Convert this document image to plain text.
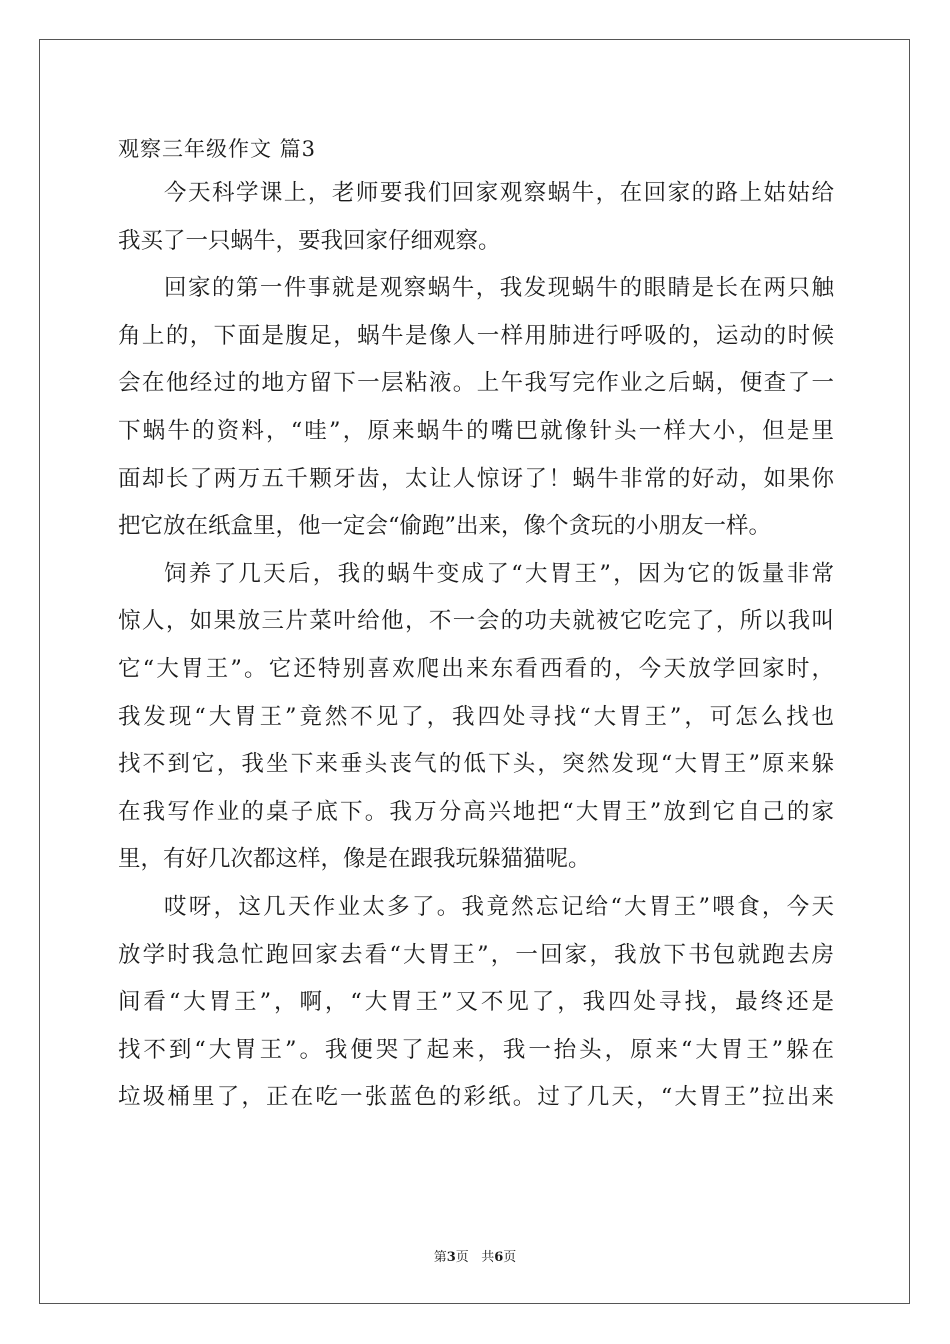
观察三年级作文 篇3
今天科学课上，老师要我们回家观察蜗牛，在回家的路上姑姑给
我买了一只蜗牛，要我回家仔细观察。
回家的第一件事就是观察蜗牛，我发现蜗牛的眼睛是长在两只触
角上的，下面是腹足，蜗牛是像人一样用肺进行呼吸的，运动的时候
会在他经过的地方留下一层粘液。上午我写完作业之后蜗，便查了一
下蜗牛的资料，“哇”，原来蜗牛的嘴巴就像针头一样大小，但是里
面却长了两万五千颗牙齿，太让人惊讶了！蜗牛非常的好动，如果你
把它放在纸盒里，他一定会“偷跑”出来，像个贪玩的小朋友一样。
饲养了几天后，我的蜗牛变成了“大胃王”，因为它的饭量非常
惊人，如果放三片菜叶给他，不一会的功夫就被它吃完了，所以我叫
它“大胃王”。它还特别喜欢爬出来东看西看的，今天放学回家时，
我发现“大胃王”竟然不见了，我四处寻找“大胃王”，可怎么找也
找不到它，我坐下来垂头丧气的低下头，突然发现“大胃王”原来躲
在我写作业的桌子底下。我万分高兴地把“大胃王”放到它自己的家
里，有好几次都这样，像是在跟我玩躲猫猫呢。
哎呀，这几天作业太多了。我竟然忘记给“大胃王”喂食，今天
放学时我急忙跑回家去看“大胃王”，一回家，我放下书包就跑去房
间看“大胃王”，啊，“大胃王”又不见了，我四处寻找，最终还是
找不到“大胃王”。我便哭了起来，我一抬头，原来“大胃王”躲在
垃圾桶里了，正在吃一张蓝色的彩纸。过了几天，“大胃王”拉出来
第3页 共6页
